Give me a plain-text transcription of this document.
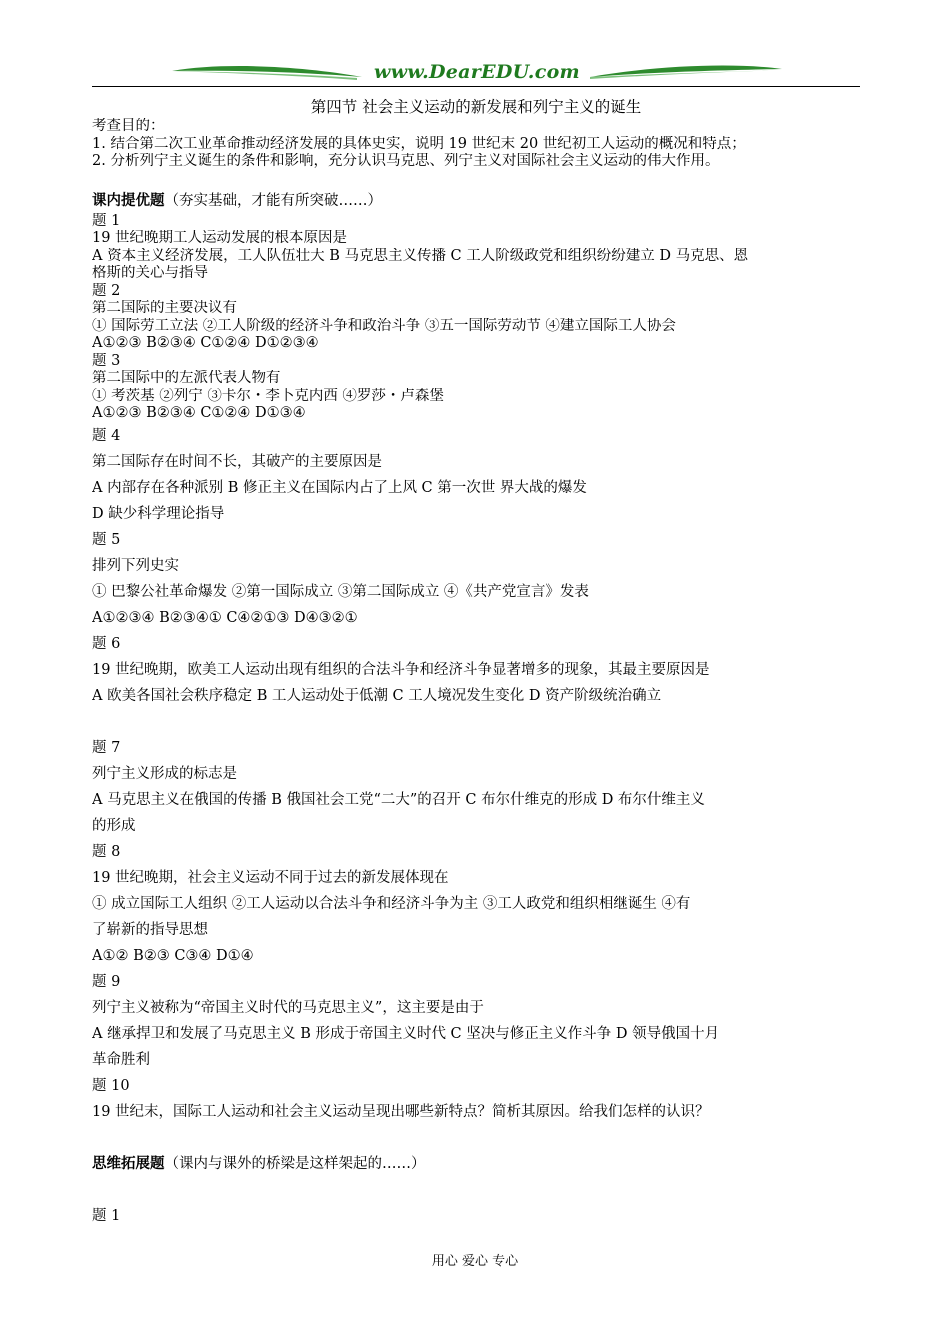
www.DearEDU.com
第四节 社会主义运动的新发展和列宁主义的诞生
考查目的：
1. 结合第二次工业革命推动经济发展的具体史实，说明 19 世纪末 20 世纪初工人运动的概况和特点；
2. 分析列宁主义诞生的条件和影响，充分认识马克思、列宁主义对国际社会主义运动的伟大作用。
课内提优题（夯实基础，才能有所突破……）
题 1
19 世纪晚期工人运动发展的根本原因是
A 资本主义经济发展，工人队伍壮大 B 马克思主义传播 C 工人阶级政党和组织纷纷建立 D 马克思、恩
格斯的关心与指导
题 2
第二国际的主要决议有
① 国际劳工立法 ②工人阶级的经济斗争和政治斗争 ③五一国际劳动节 ④建立国际工人协会
A①②③ B②③④ C①②④ D①②③④
题 3
第二国际中的左派代表人物有
① 考茨基 ②列宁 ③卡尔・李卜克内西 ④罗莎・卢森堡
A①②③ B②③④ C①②④ D①③④
题 4
第二国际存在时间不长，其破产的主要原因是
A 内部存在各种派别 B 修正主义在国际内占了上风 C 第一次世 界大战的爆发
D 缺少科学理论指导
题 5
排列下列史实
① 巴黎公社革命爆发 ②第一国际成立 ③第二国际成立 ④《共产党宣言》发表
A①②③④ B②③④① C④②①③ D④③②①
题 6
19 世纪晚期，欧美工人运动出现有组织的合法斗争和经济斗争显著增多的现象，其最主要原因是
A 欧美各国社会秩序稳定 B 工人运动处于低潮 C 工人境况发生变化 D 资产阶级统治确立
题 7
列宁主义形成的标志是
A 马克思主义在俄国的传播 B 俄国社会工党“二大”的召开 C 布尔什维克的形成 D 布尔什维主义
的形成
题 8
19 世纪晚期，社会主义运动不同于过去的新发展体现在
① 成立国际工人组织 ②工人运动以合法斗争和经济斗争为主 ③工人政党和组织相继诞生 ④有
了崭新的指导思想
A①② B②③ C③④ D①④
题 9
列宁主义被称为“帝国主义时代的马克思主义”，这主要是由于
A 继承捍卫和发展了马克思主义 B 形成于帝国主义时代 C 坚决与修正主义作斗争 D 领导俄国十月
革命胜利
题 10
19 世纪末，国际工人运动和社会主义运动呈现出哪些新特点？简析其原因。给我们怎样的认识？
思维拓展题（课内与课外的桥梁是这样架起的……）
题 1
用心 爱心 专心
